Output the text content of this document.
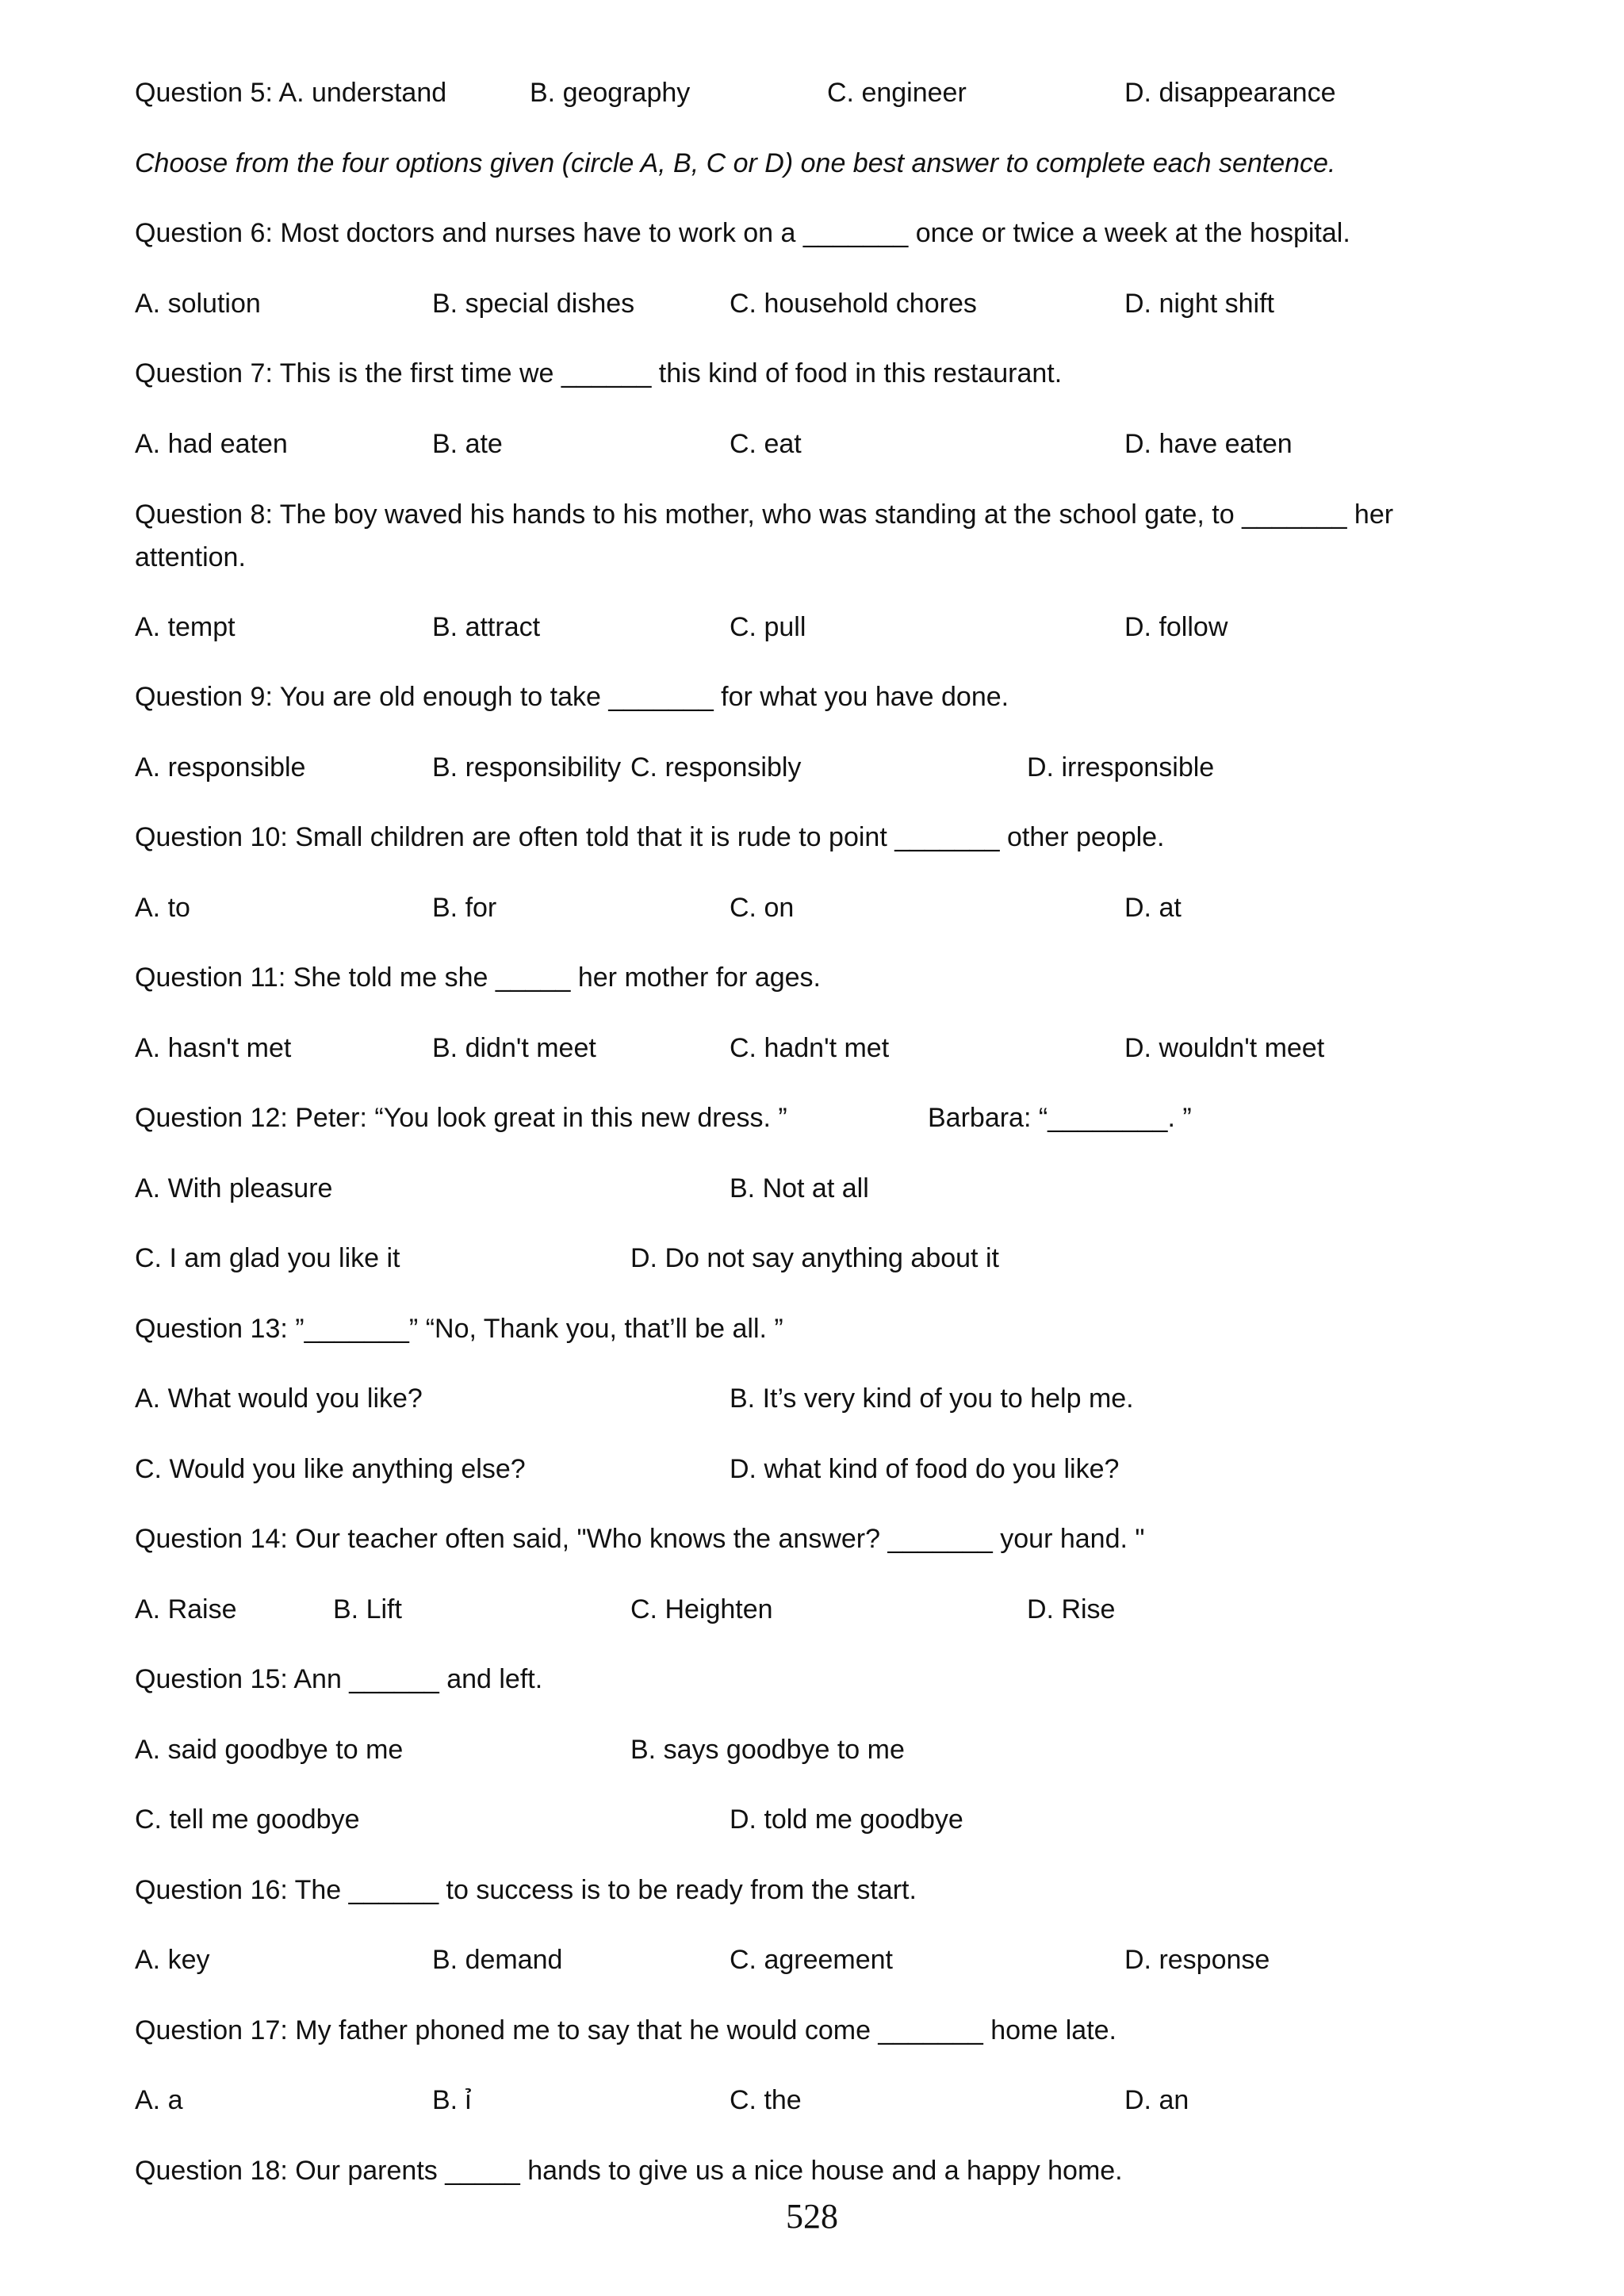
Question 5: A. understand	B. geography	C. engineer	D. disappearance
Choose from the four options given (circle A, B, C or D) one best answer to complete each sentence.
Question 6: Most doctors and nurses have to work on a _______ once or twice a week at the hospital.
A. solution	B. special dishes	C. household chores	D. night shift
Question 7: This is the first time we ______ this kind of food in this restaurant.
A. had eaten	B. ate	C. eat	D. have eaten
Question 8: The boy waved his hands to his mother, who was standing at the school gate, to _______ her attention.
A. tempt	B. attract	C. pull	D. follow
Question 9: You are old enough to take _______ for what you have done.
A. responsible	B. responsibility C. responsibly	D. irresponsible
Question 10: Small children are often told that it is rude to point _______ other people.
A. to	B. for	C. on	D. at
Question 11: She told me she _____ her mother for ages.
A. hasn't met	B. didn't meet	C. hadn't met	D. wouldn't meet
Question 12: Peter: “You look great in this new dress. ”	Barbara: “________. ”
A. With pleasure	B. Not at all
C. I am glad you like it	D. Do not say anything about it
Question 13: ”_______” “No, Thank you, that’ll be all. ”
A. What would you like?	B. It’s very kind of you to help me.
C. Would you like anything else?	D. what kind of food do you like?
Question 14: Our teacher often said, "Who knows the answer? _______ your hand. "
A. Raise	B. Lift	C. Heighten	D. Rise
Question 15: Ann ______ and left.
A. said goodbye to me	B. says goodbye to me
C. tell me goodbye	D. told me goodbye
Question 16: The ______ to success is to be ready from the start.
A. key	B. demand	C. agreement	D. response
Question 17: My father phoned me to say that he would come _______ home late.
A. a	B. ỉ	C. the	D. an
Question 18: Our parents _____ hands to give us a nice house and a happy home.
528
